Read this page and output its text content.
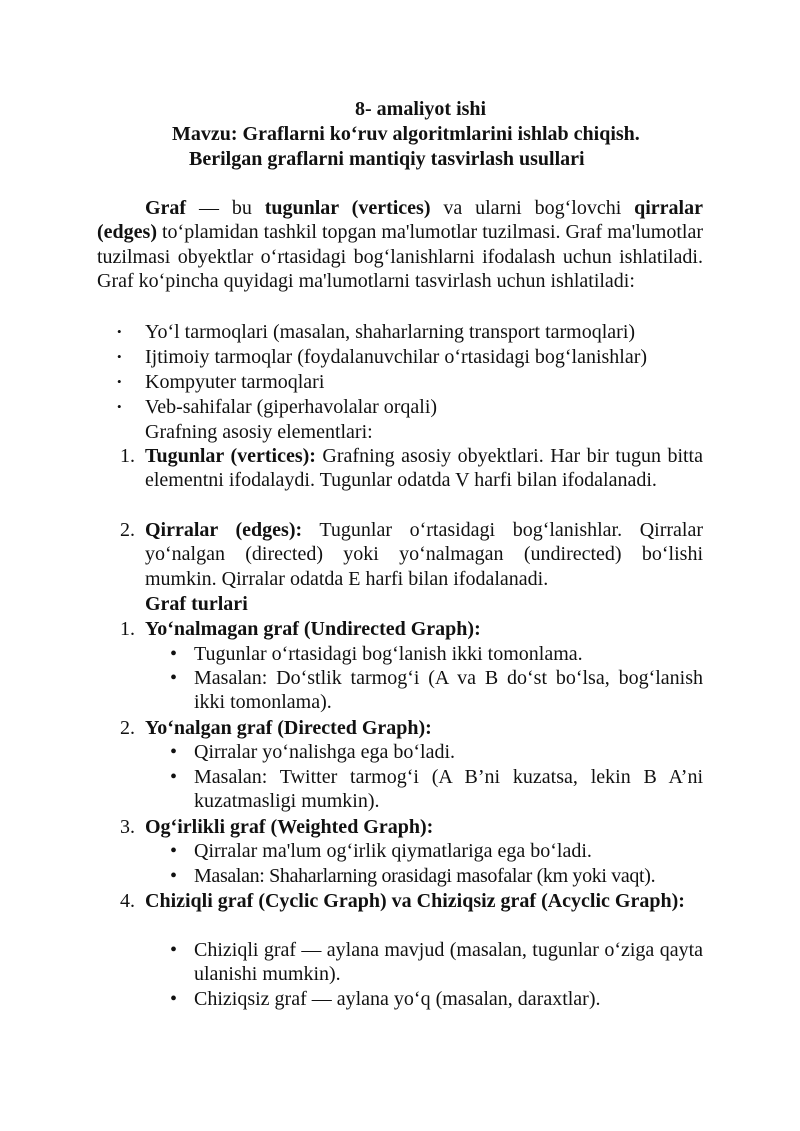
8- amaliyot ishi
Mavzu: Graflarni ko‘ruv algoritmlarini ishlab chiqish.
Berilgan graflarni mantiqiy tasvirlash usullari
Graf — bu tugunlar (vertices) va ularni bog‘lovchi qirralar (edges) to‘plamidan tashkil topgan ma'lumotlar tuzilmasi. Graf ma'lumotlar tuzilmasi obyektlar o‘rtasidagi bog‘lanishlarni ifodalash uchun ishlatiladi. Graf ko‘pincha quyidagi ma'lumotlarni tasvirlash uchun ishlatiladi:
• Yo‘l tarmoqlari (masalan, shaharlarning transport tarmoqlari)
• Ijtimoiy tarmoqlar (foydalanuvchilar o‘rtasidagi bog‘lanishlar)
• Kompyuter tarmoqlari
• Veb-sahifalar (giperhavolalar orqali)
Grafning asosiy elementlari:
1. Tugunlar (vertices): Grafning asosiy obyektlari. Har bir tugun bitta elementni ifodalaydi. Tugunlar odatda V harfi bilan ifodalanadi.
2. Qirralar (edges): Tugunlar o‘rtasidagi bog‘lanishlar. Qirralar yo‘nalgan (directed) yoki yo‘nalmagan (undirected) bo‘lishi mumkin. Qirralar odatda E harfi bilan ifodalanadi.
Graf turlari
1. Yo‘nalmagan graf (Undirected Graph):
• Tugunlar o‘rtasidagi bog‘lanish ikki tomonlama.
• Masalan: Do‘stlik tarmog‘i (A va B do‘st bo‘lsa, bog‘lanish ikki tomonlama).
2. Yo‘nalgan graf (Directed Graph):
• Qirralar yo‘nalishga ega bo‘ladi.
• Masalan: Twitter tarmog‘i (A B’ni kuzatsa, lekin B A’ni kuzatmasligi mumkin).
3. Og‘irlikli graf (Weighted Graph):
• Qirralar ma'lum og‘irlik qiymatlariga ega bo‘ladi.
• Masalan: Shaharlarning orasidagi masofalar (km yoki vaqt).
4. Chiziqli graf (Cyclic Graph) va Chiziqsiz graf (Acyclic Graph):
• Chiziqli graf — aylana mavjud (masalan, tugunlar o‘ziga qayta ulanishi mumkin).
• Chiziqsiz graf — aylana yo‘q (masalan, daraxtlar).
